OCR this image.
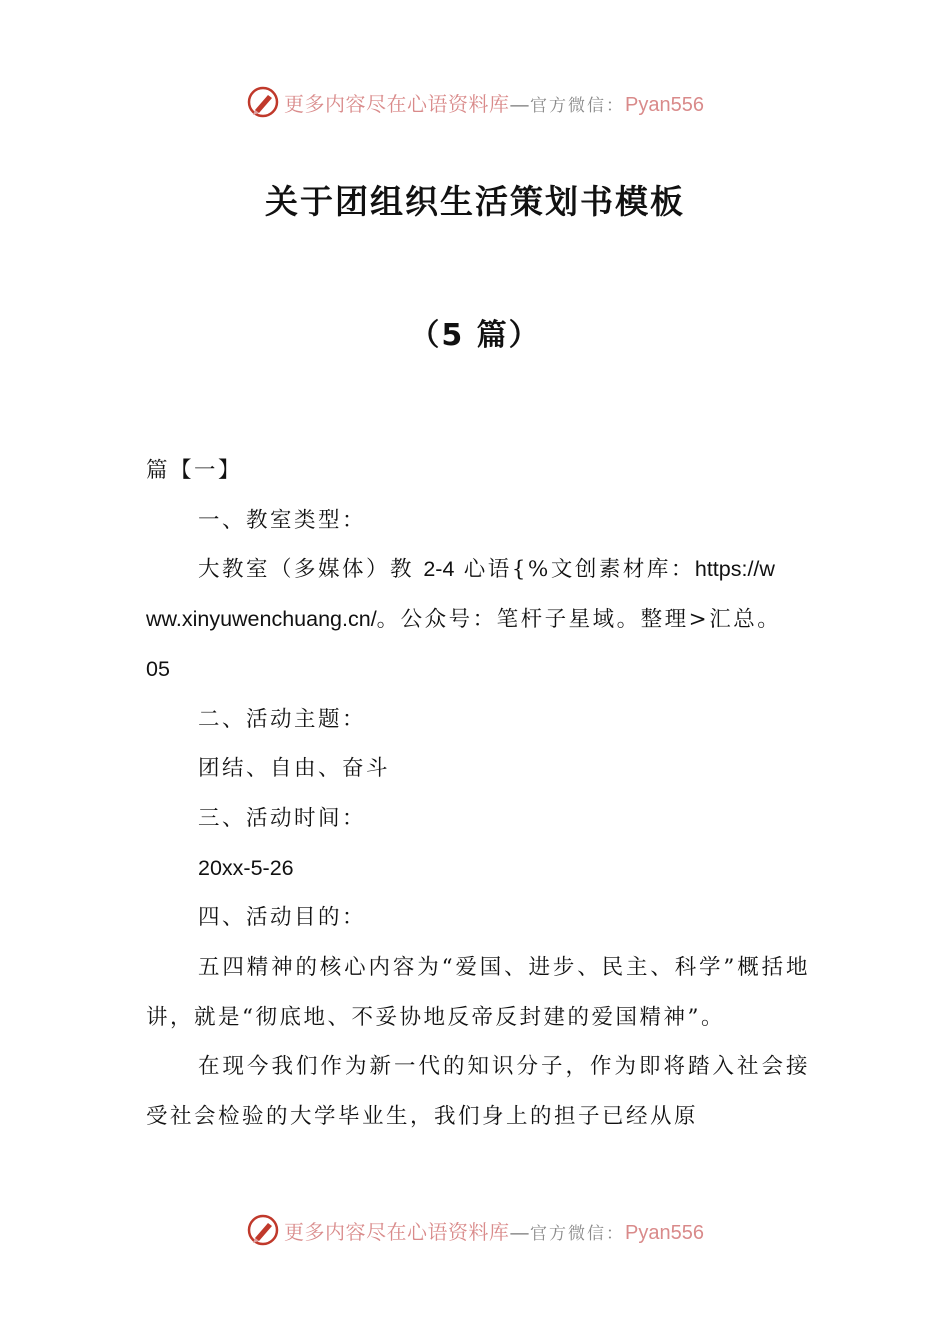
更多内容尽在心语资料库—官方微信：Pyan556
关于团组织生活策划书模板
（5 篇）

篇【一】

一、教室类型：

大教室（多媒体）教 2-4 心语{%文创素材库：https://w

ww.xinyuwenchuang.cn/。公众号：笔杆子星域。整理>汇总。

05

二、活动主题：

团结、自由、奋斗

三、活动时间：

20xx-5-26

四、活动目的：

五四精神的核心内容为“爱国、进步、民主、科学”概括地讲，就是“彻底地、不妥协地反帝反封建的爱国精神”。

在现今我们作为新一代的知识分子，作为即将踏入社会接受社会检验的大学毕业生，我们身上的担子已经从原

更多内容尽在心语资料库—官方微信：Pyan556
